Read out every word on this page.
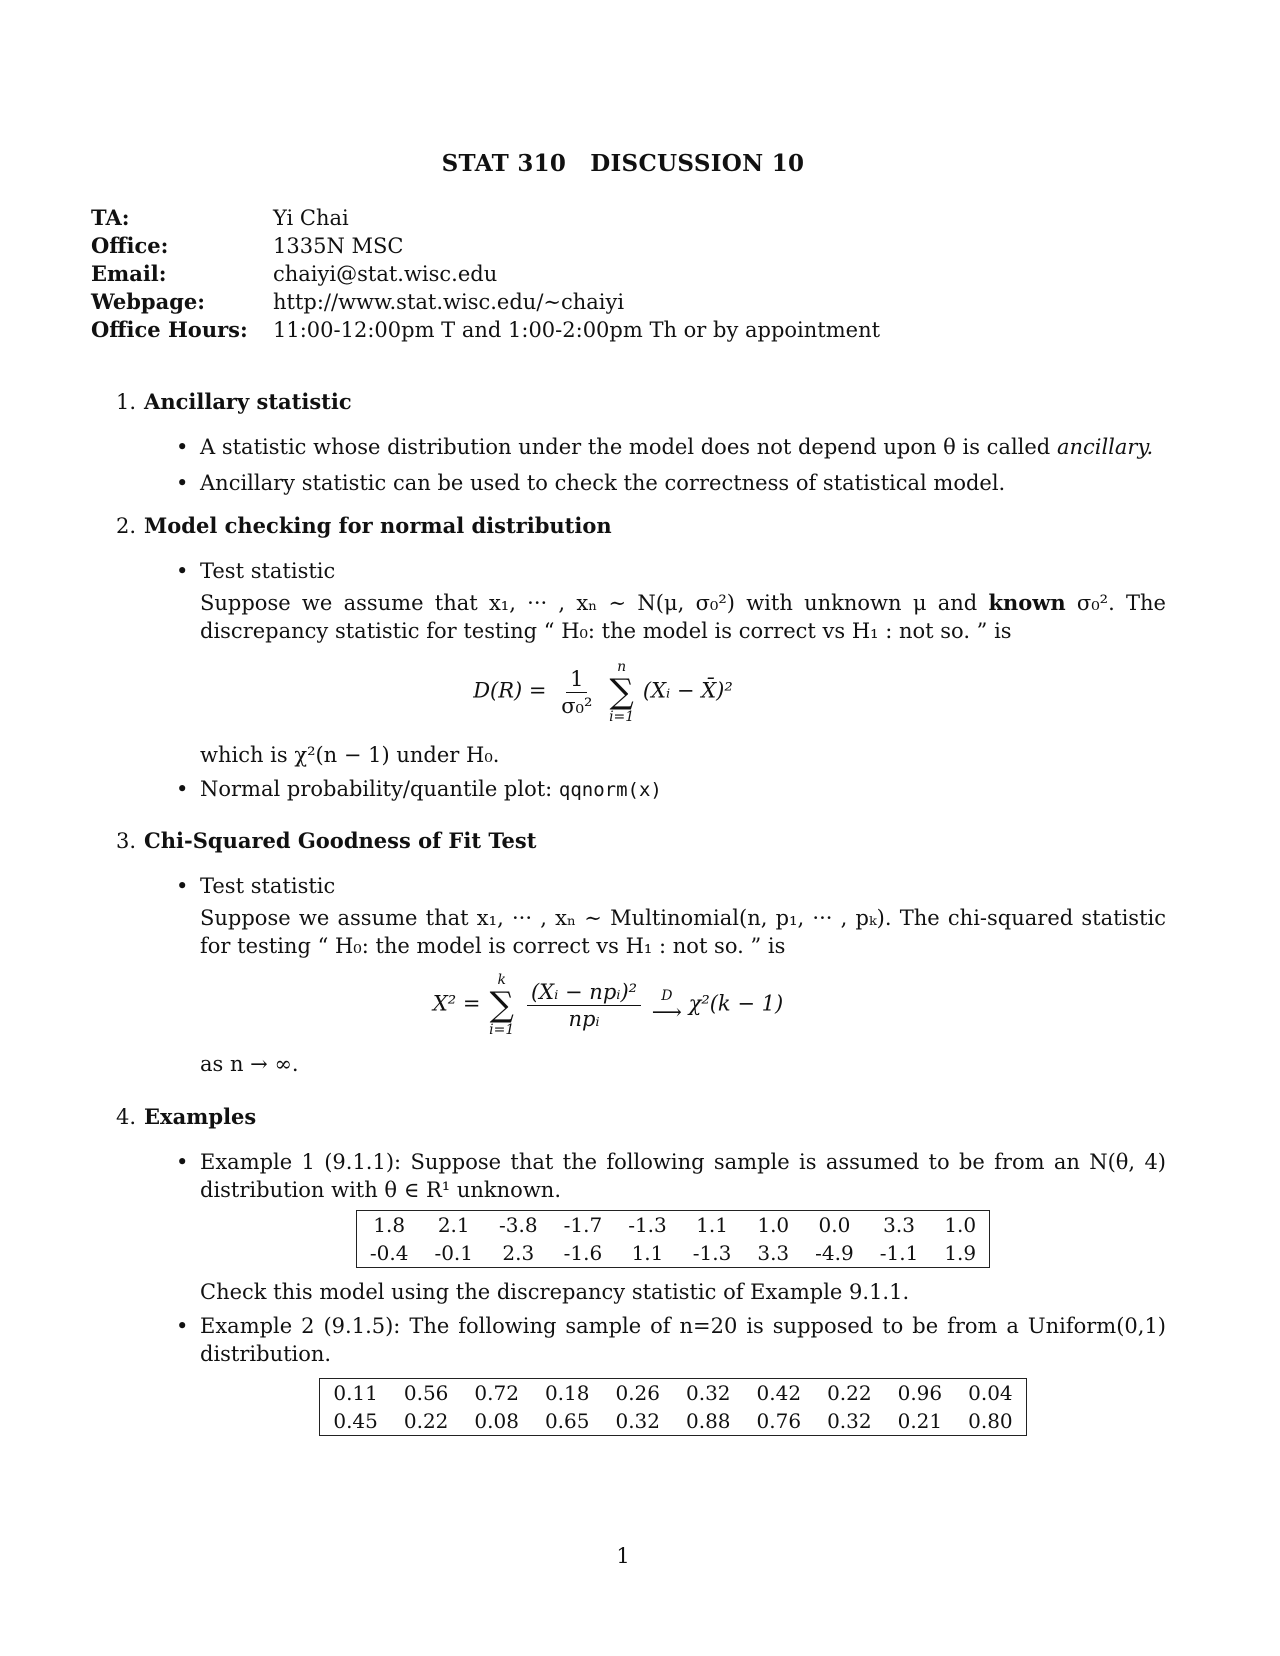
STAT 310 DISCUSSION 10
TA:	Yi Chai
Office:	1335N MSC
Email:	chaiyi@stat.wisc.edu
Webpage:	http://www.stat.wisc.edu/∼chaiyi
Office Hours:	11:00-12:00pm T and 1:00-2:00pm Th or by appointment
1. Ancillary statistic
• A statistic whose distribution under the model does not depend upon θ is called ancillary.
• Ancillary statistic can be used to check the correctness of statistical model.
2. Model checking for normal distribution
• Test statistic
Suppose we assume that x₁, ··· , xₙ ∼ N(μ, σ₀²) with unknown μ and known σ₀². The discrepancy statistic for testing “ H₀: the model is correct vs H₁ : not so. ” is
$D(R) = \frac{1}{\text{σ₀²}}$
n
∑
i=1
(Xᵢ − X̄)²
which is χ²(n − 1) under H₀.
• Normal probability/quantile plot: qqnorm(x)
3. Chi-Squared Goodness of Fit Test
• Test statistic
Suppose we assume that x₁, ··· , xₙ ∼ Multinomial(n, p₁, ··· , pₖ). The chi-squared statistic for testing “ H₀: the model is correct vs H₁ : not so. ” is
X² =
k
∑
i=1
$\frac{\text{(Xᵢ − npᵢ)²}}{\text{npᵢ}}$
D
⟶ χ²(k − 1)
as n → ∞.
4. Examples
• Example 1 (9.1.1): Suppose that the following sample is assumed to be from an N(θ, 4) distribution with θ ∈ R¹ unknown.
1.8	2.1	-3.8	-1.7	-1.3	1.1	1.0	0.0	3.3	1.0
-0.4	-0.1	2.3	-1.6	1.1	-1.3	3.3	-4.9	-1.1	1.9
Check this model using the discrepancy statistic of Example 9.1.1.
• Example 2 (9.1.5): The following sample of n=20 is supposed to be from a Uniform(0,1) distribution.
0.11	0.56	0.72	0.18	0.26	0.32	0.42	0.22	0.96	0.04
0.45	0.22	0.08	0.65	0.32	0.88	0.76	0.32	0.21	0.80
1
